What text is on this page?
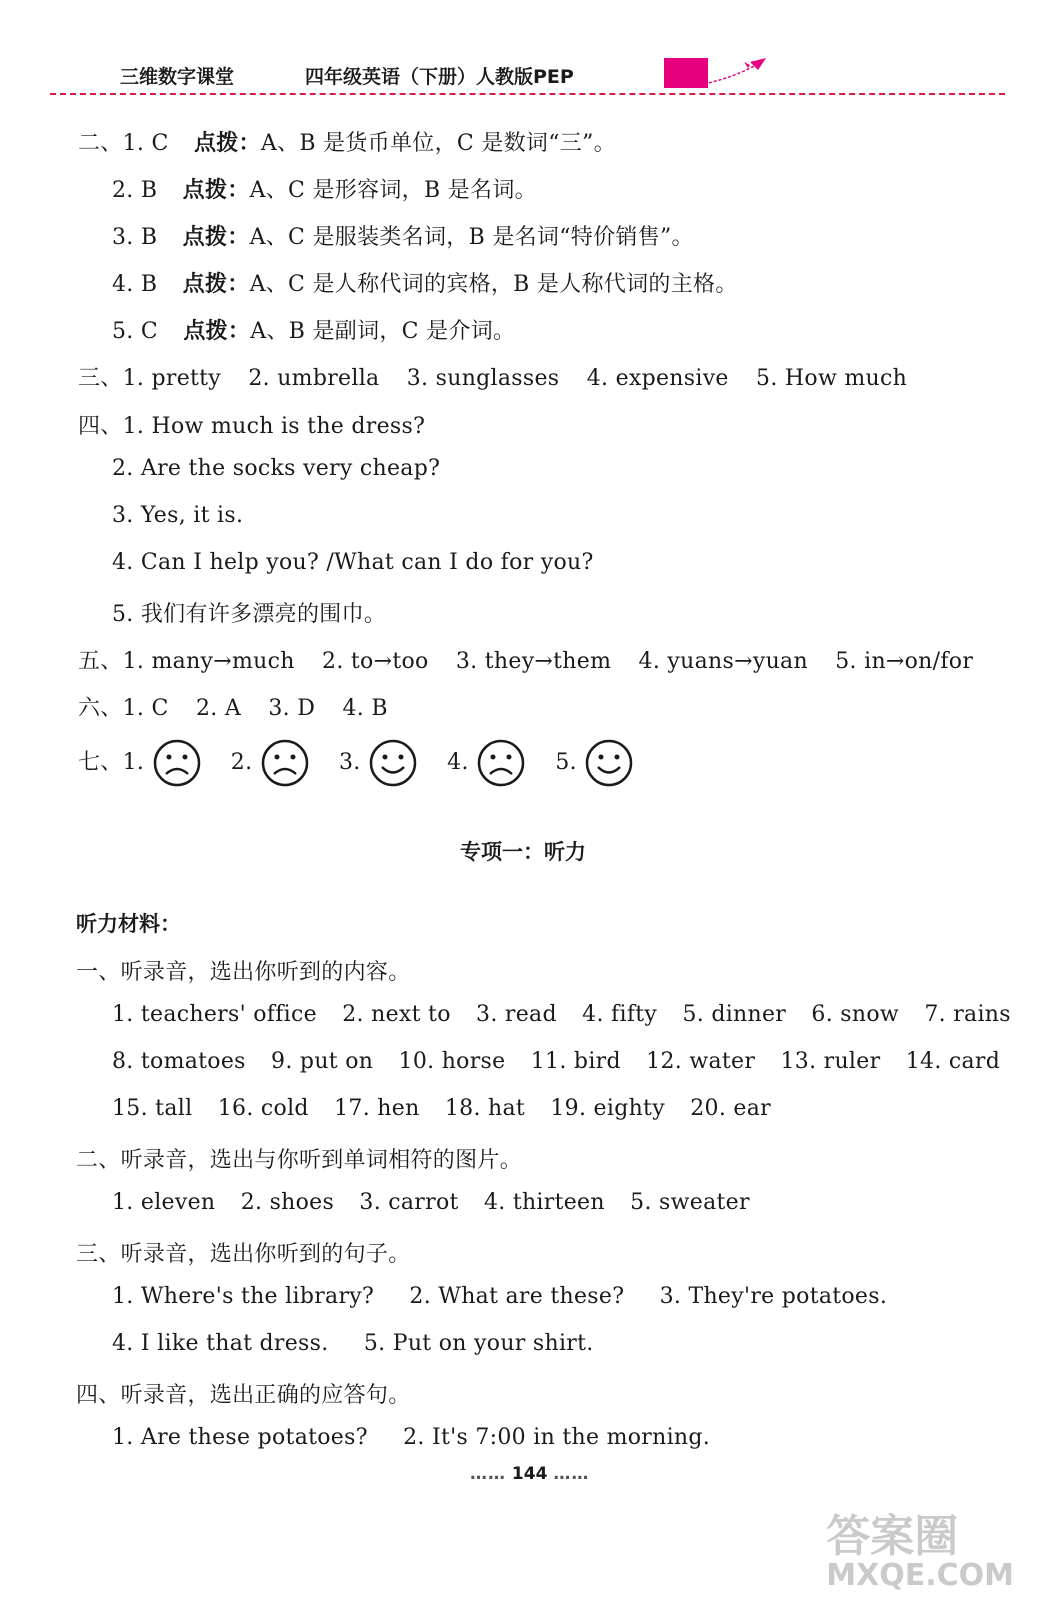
三维数字课堂	四年级英语（下册）人教版PEP
二、1. C 点拨：A、B 是货币单位，C 是数词“三”。
2. B 点拨：A、C 是形容词，B 是名词。
3. B 点拨：A、C 是服装类名词，B 是名词“特价销售”。
4. B 点拨：A、C 是人称代词的宾格，B 是人称代词的主格。
5. C 点拨：A、B 是副词，C 是介词。
三、1. pretty 2. umbrella 3. sunglasses 4. expensive 5. How much
四、1. How much is the dress?
2. Are the socks very cheap?
3. Yes, it is.
4. Can I help you? /What can I do for you?
5. 我们有许多漂亮的围巾。
五、1. many→much 2. to→too 3. they→them 4. yuans→yuan 5. in→on/for
六、1. C 2. A 3. D 4. B
七、1.	2.	3.	4.	5.
专项一：听力
听力材料：
一、听录音，选出你听到的内容。
1. teachers' office 2. next to 3. read 4. fifty 5. dinner 6. snow 7. rains
8. tomatoes 9. put on 10. horse 11. bird 12. water 13. ruler 14. card
15. tall 16. cold 17. hen 18. hat 19. eighty 20. ear
二、听录音，选出与你听到单词相符的图片。
1. eleven 2. shoes 3. carrot 4. thirteen 5. sweater
三、听录音，选出你听到的句子。
1. Where's the library? 2. What are these? 3. They're potatoes.
4. I like that dress. 5. Put on your shirt.
四、听录音，选出正确的应答句。
1. Are these potatoes? 2. It's 7:00 in the morning.
…… 144 ……
答案圈
MXQE.COM
